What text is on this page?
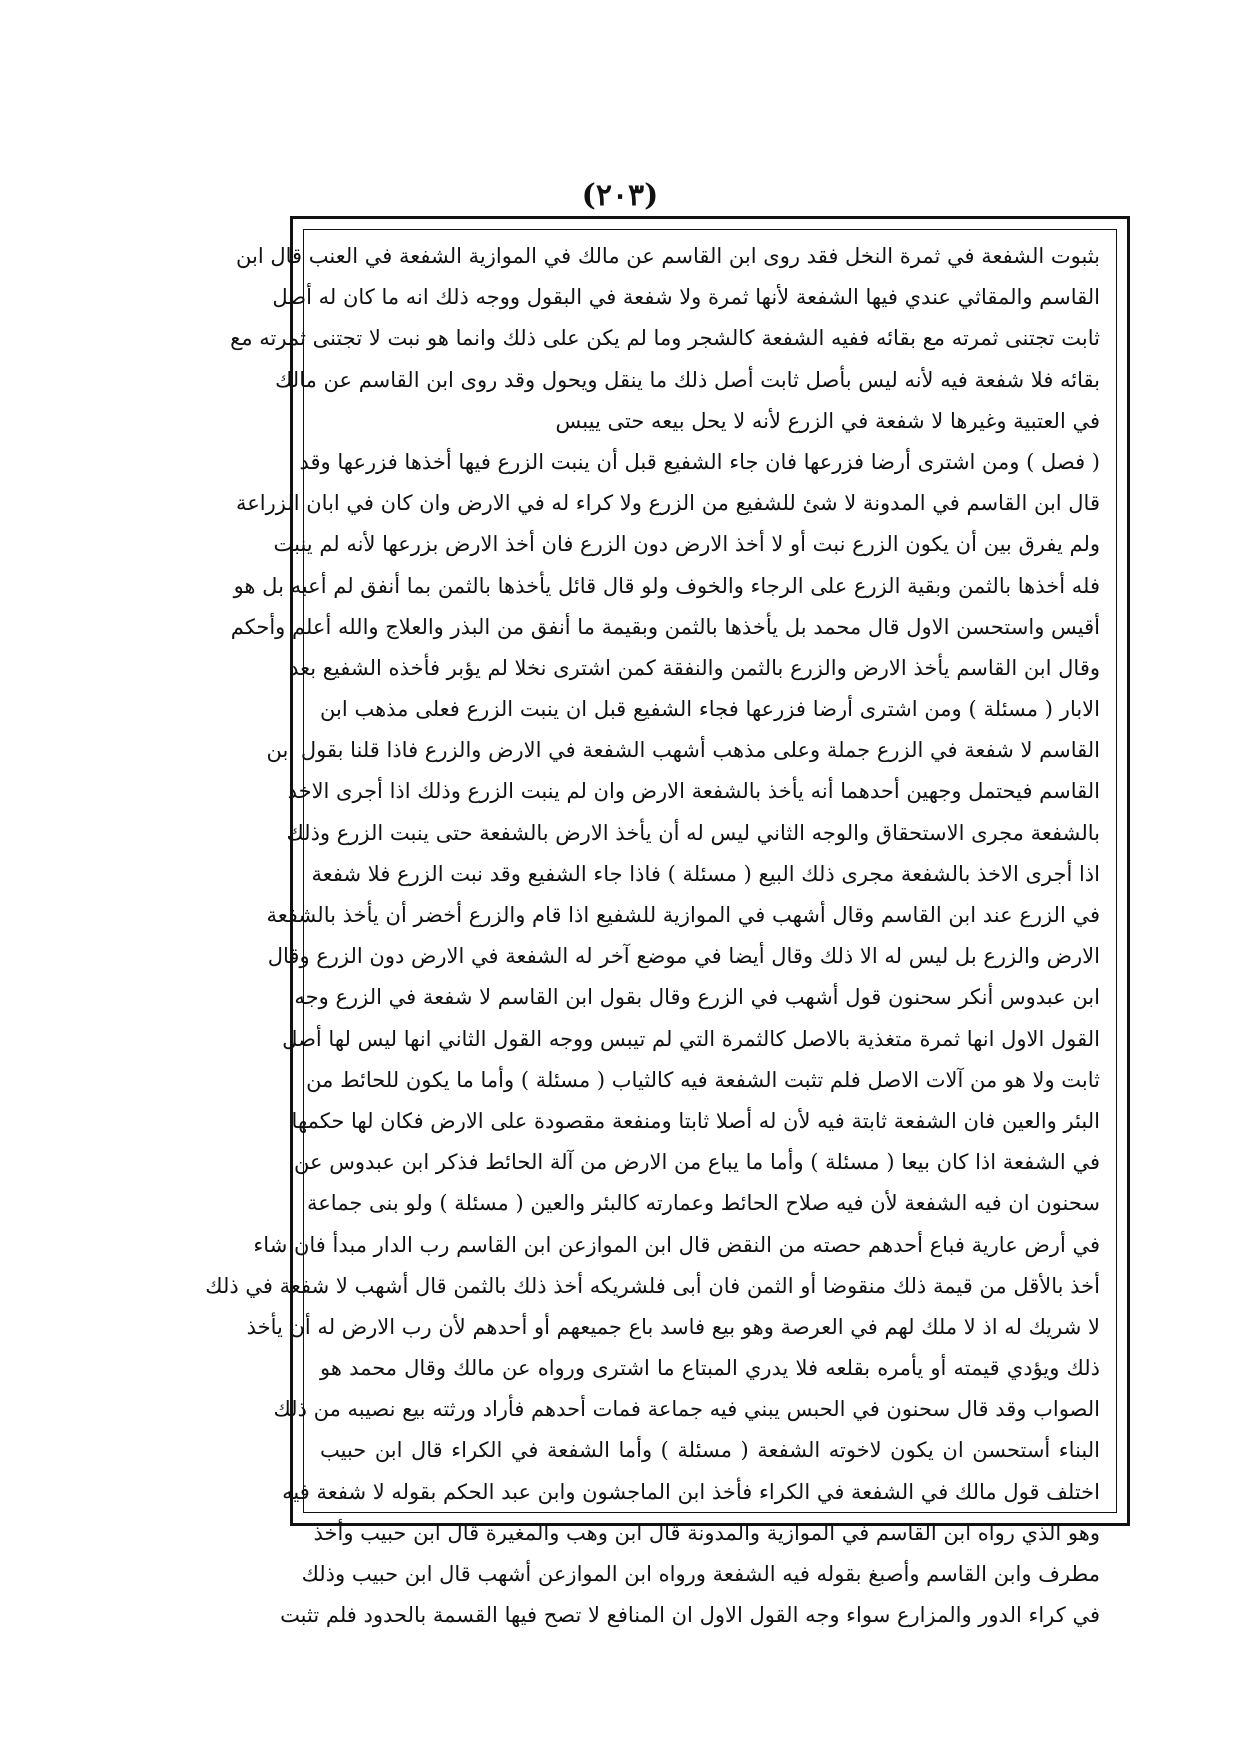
(٢٠٣)
بثبوت الشفعة في ثمرة النخل فقد روى ابن القاسم عن مالك في الموازية الشفعة في العنب قال ابن
القاسم والمقاثي عندي فيها الشفعة لأنها ثمرة ولا شفعة في البقول ووجه ذلك انه ما كان له أصل
ثابت تجتنى ثمرته مع بقائه ففيه الشفعة كالشجر وما لم يكن على ذلك وانما هو نبت لا تجتنى ثمرته مع
بقائه فلا شفعة فيه لأنه ليس بأصل ثابت أصل ذلك ما ينقل ويحول وقد روى ابن القاسم عن مالك
في العتبية وغيرها لا شفعة في الزرع لأنه لا يحل بيعه حتى ييبس
( فصل ) ومن اشترى أرضا فزرعها فان جاء الشفيع قبل أن ينبت الزرع فيها أخذها فزرعها وقد
قال ابن القاسم في المدونة لا شئ للشفيع من الزرع ولا كراء له في الارض وان كان في ابان الزراعة
ولم يفرق بين أن يكون الزرع نبت أو لا أخذ الارض دون الزرع فان أخذ الارض بزرعها لأنه لم ينبت
فله أخذها بالثمن وبقية الزرع على الرجاء والخوف ولو قال قائل يأخذها بالثمن بما أنفق لم أعبه بل هو
أقيس واستحسن الاول قال محمد بل يأخذها بالثمن وبقيمة ما أنفق من البذر والعلاج والله أعلم وأحكم
وقال ابن القاسم يأخذ الارض والزرع بالثمن والنفقة كمن اشترى نخلا لم يؤبر فأخذه الشفيع بعد
الابار ( مسئلة ) ومن اشترى أرضا فزرعها فجاء الشفيع قبل ان ينبت الزرع فعلى مذهب ابن
القاسم لا شفعة في الزرع جملة وعلى مذهب أشهب الشفعة في الارض والزرع فاذا قلنا بقول ابن
القاسم فيحتمل وجهين أحدهما أنه يأخذ بالشفعة الارض وان لم ينبت الزرع وذلك اذا أجرى الاخذ
بالشفعة مجرى الاستحقاق والوجه الثاني ليس له أن يأخذ الارض بالشفعة حتى ينبت الزرع وذلك
اذا أجرى الاخذ بالشفعة مجرى ذلك البيع ( مسئلة ) فاذا جاء الشفيع وقد نبت الزرع فلا شفعة
في الزرع عند ابن القاسم وقال أشهب في الموازية للشفيع اذا قام والزرع أخضر أن يأخذ بالشفعة
الارض والزرع بل ليس له الا ذلك وقال أيضا في موضع آخر له الشفعة في الارض دون الزرع وقال
ابن عبدوس أنكر سحنون قول أشهب في الزرع وقال بقول ابن القاسم لا شفعة في الزرع وجه
القول الاول انها ثمرة متغذية بالاصل كالثمرة التي لم تيبس ووجه القول الثاني انها ليس لها أصل
ثابت ولا هو من آلات الاصل فلم تثبت الشفعة فيه كالثياب ( مسئلة ) وأما ما يكون للحائط من
البئر والعين فان الشفعة ثابتة فيه لأن له أصلا ثابتا ومنفعة مقصودة على الارض فكان لها حكمها
في الشفعة اذا كان بيعا ( مسئلة ) وأما ما يباع من الارض من آلة الحائط فذكر ابن عبدوس عن
سحنون ان فيه الشفعة لأن فيه صلاح الحائط وعمارته كالبئر والعين ( مسئلة ) ولو بنى جماعة
في أرض عارية فباع أحدهم حصته من النقض قال ابن الموازعن ابن القاسم رب الدار مبدأ فان شاء
أخذ بالأقل من قيمة ذلك منقوضا أو الثمن فان أبى فلشريكه أخذ ذلك بالثمن قال أشهب لا شفعة في ذلك
لا شريك له اذ لا ملك لهم في العرصة وهو بيع فاسد باع جميعهم أو أحدهم لأن رب الارض له أن يأخذ
ذلك ويؤدي قيمته أو يأمره بقلعه فلا يدري المبتاع ما اشترى ورواه عن مالك وقال محمد هو
الصواب وقد قال سحنون في الحبس يبني فيه جماعة فمات أحدهم فأراد ورثته بيع نصيبه من ذلك
البناء أستحسن ان يكون لاخوته الشفعة ( مسئلة ) وأما الشفعة في الكراء قال ابن حبيب
اختلف قول مالك في الشفعة في الكراء فأخذ ابن الماجشون وابن عبد الحكم بقوله لا شفعة فيه
وهو الذي رواه ابن القاسم في الموازية والمدونة قال ابن وهب والمغيرة قال ابن حبيب وأخذ
مطرف وابن القاسم وأصبغ بقوله فيه الشفعة ورواه ابن الموازعن أشهب قال ابن حبيب وذلك
في كراء الدور والمزارع سواء وجه القول الاول ان المنافع لا تصح فيها القسمة بالحدود فلم تثبت
